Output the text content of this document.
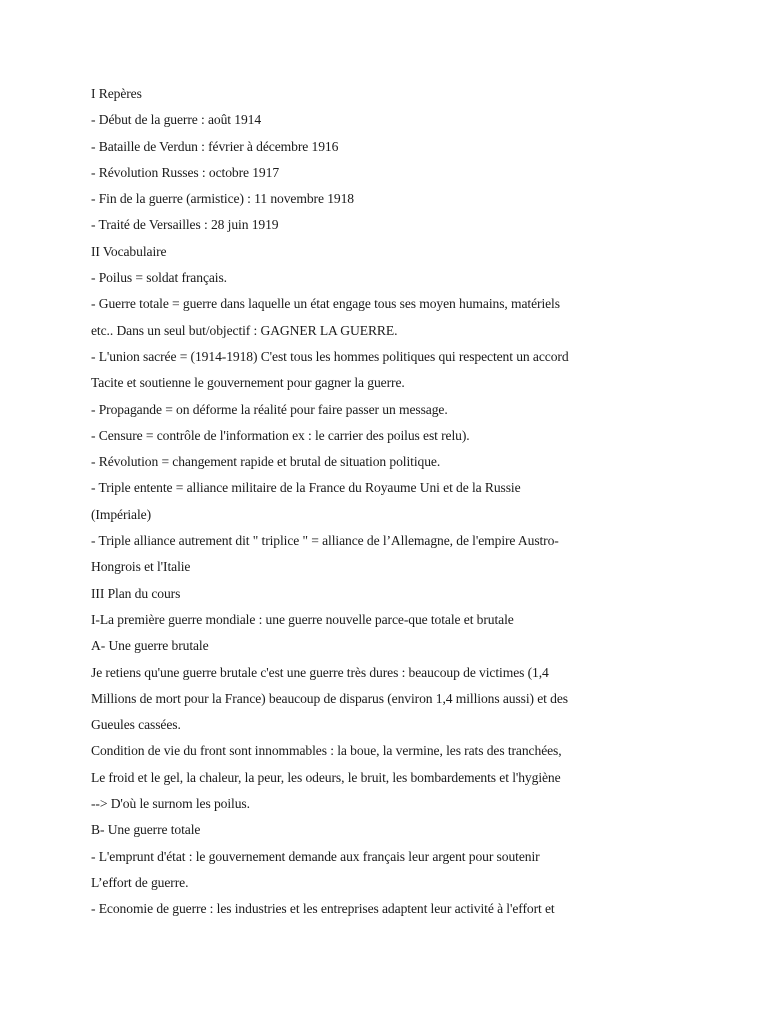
I Repères
- Début de la guerre : août 1914
- Bataille de Verdun : février à décembre 1916
- Révolution Russes : octobre 1917
- Fin de la guerre (armistice) : 11 novembre 1918
- Traité de Versailles : 28 juin 1919
II Vocabulaire
- Poilus = soldat français.
- Guerre totale = guerre dans laquelle un état engage tous ses moyen humains, matériels
etc.. Dans un seul but/objectif : GAGNER LA GUERRE.
- L'union sacrée = (1914-1918) C'est tous les hommes politiques qui respectent un accord
Tacite et soutienne le gouvernement pour gagner la guerre.
- Propagande = on déforme la réalité pour faire passer un message.
- Censure = contrôle de l'information ex : le carrier des poilus est relu).
- Révolution = changement rapide et brutal de situation politique.
- Triple entente = alliance militaire de la France du Royaume Uni et de la Russie
(Impériale)
- Triple alliance autrement dit " triplice " = alliance de l’Allemagne, de l'empire Austro-
Hongrois et l'Italie
III Plan du cours
I-La première guerre mondiale : une guerre nouvelle parce-que totale et brutale
A- Une guerre brutale
Je retiens qu'une guerre brutale c'est une guerre très dures : beaucoup de victimes (1,4
Millions de mort pour la France) beaucoup de disparus (environ 1,4 millions aussi) et des
Gueules cassées.
Condition de vie du front sont innommables : la boue, la vermine, les rats des tranchées,
Le froid et le gel, la chaleur, la peur, les odeurs, le bruit, les bombardements et l'hygiène
--> D'où le surnom les poilus.
B- Une guerre totale
- L'emprunt d'état : le gouvernement demande aux français leur argent pour soutenir
L’effort de guerre.
- Economie de guerre : les industries et les entreprises adaptent leur activité à l'effort et
